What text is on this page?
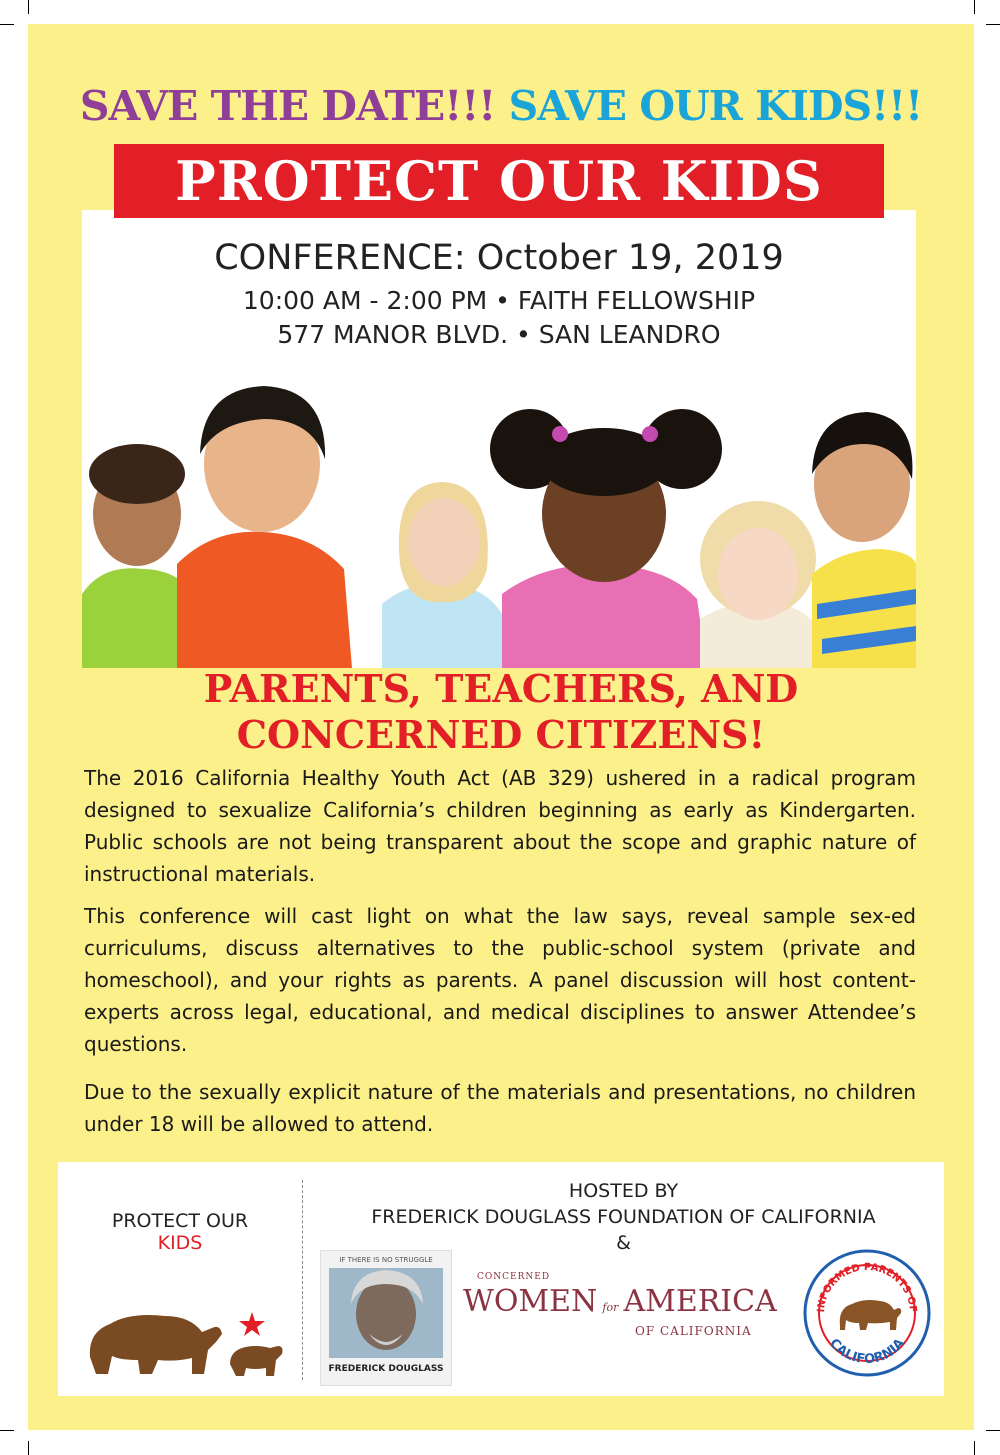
SAVE THE DATE!!! SAVE OUR KIDS!!!
PROTECT OUR KIDS
CONFERENCE: October 19, 2019
10:00 AM - 2:00 PM • FAITH FELLOWSHIP
577 MANOR BLVD. • SAN LEANDRO
PARENTS, TEACHERS, AND
CONCERNED CITIZENS!

The 2016 California Healthy Youth Act (AB 329) ushered in a radical program designed to sexualize California’s children beginning as early as Kindergarten. Public schools are not being transparent about the scope and graphic nature of instructional materials.

This conference will cast light on what the law says, reveal sample sex-ed curriculums, discuss alternatives to the public-school system (private and homeschool), and your rights as parents. A panel discussion will host content-experts across legal, educational, and medical disciplines to answer Attendee’s questions.

Due to the sexually explicit nature of the materials and presentations, no children under 18 will be allowed to attend.

PROTECT OUR
KIDS
HOSTED BY
FREDERICK DOUGLASS FOUNDATION OF CALIFORNIA
&
IF THERE IS NO STRUGGLE
FREDERICK DOUGLASS
CONCERNED
WOMEN for AMERICA
OF CALIFORNIA
INFORMED PARENTS OF
CALIFORNIA
